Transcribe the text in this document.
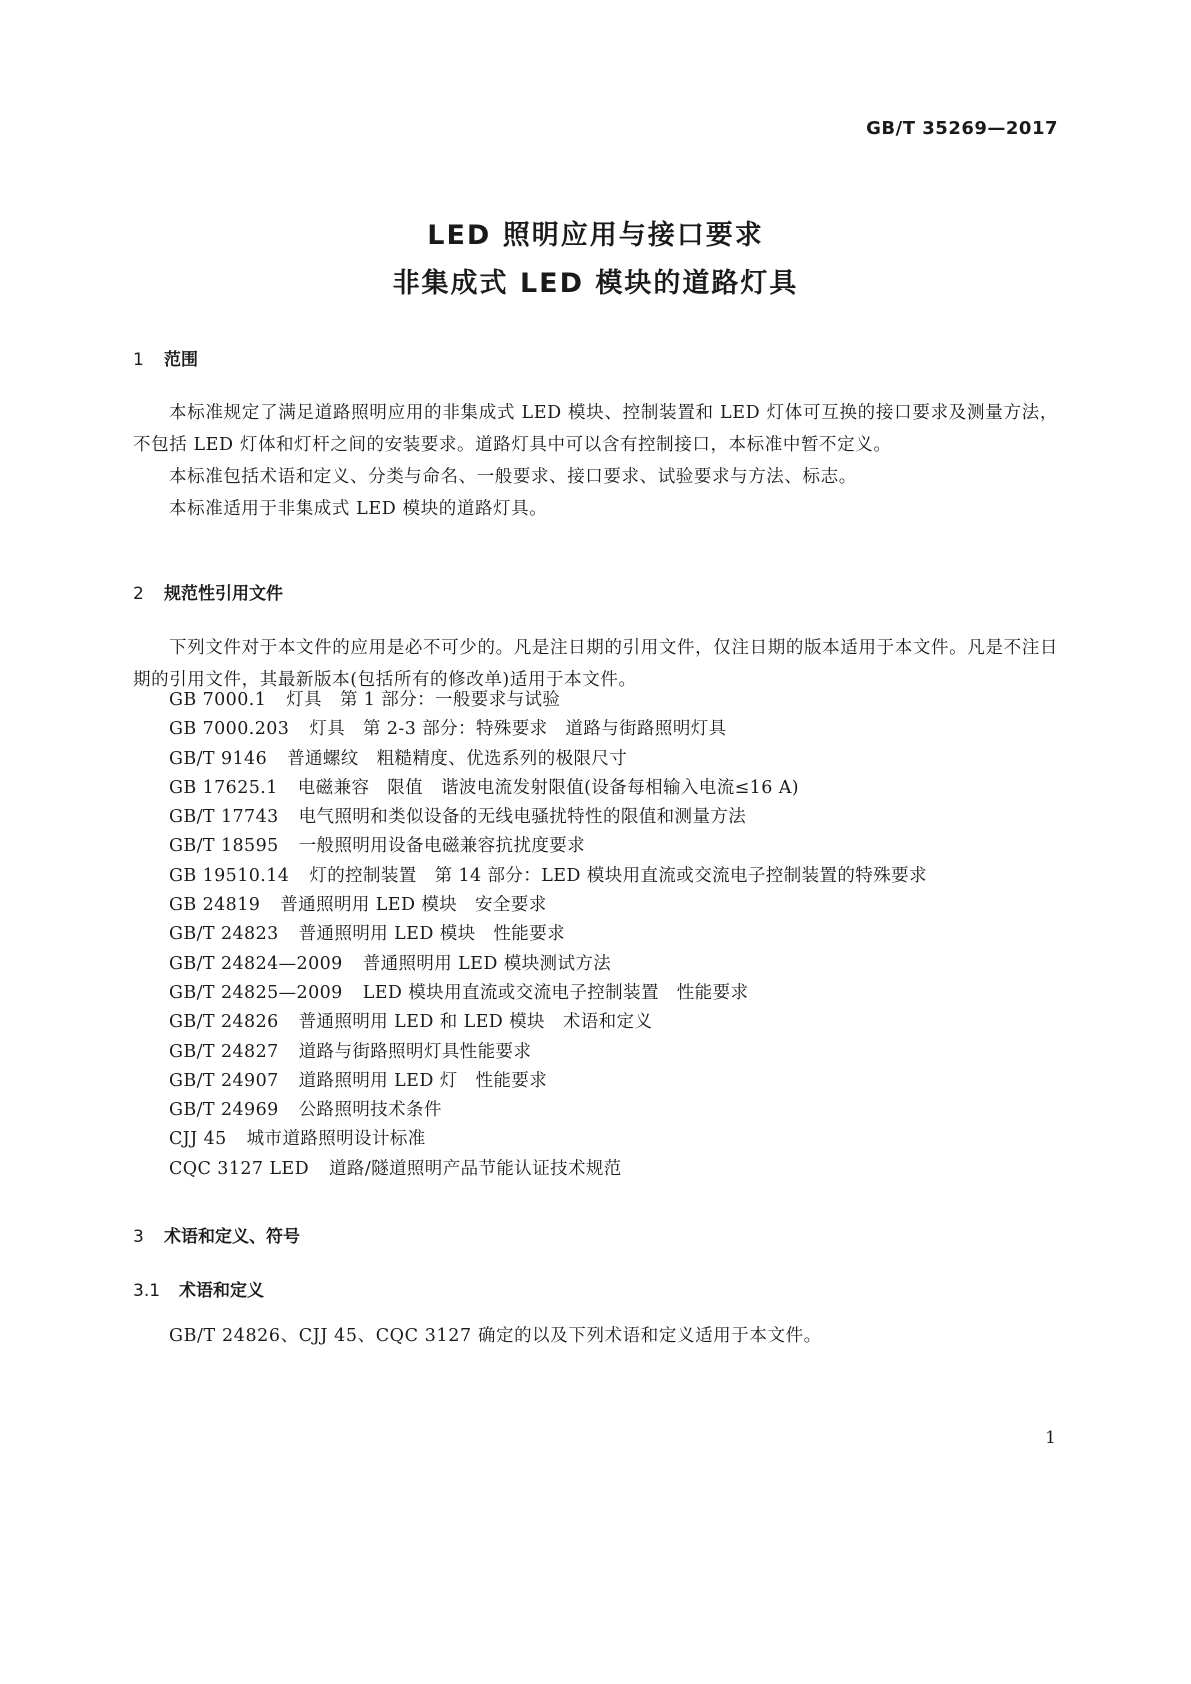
GB/T 35269—2017
LED 照明应用与接口要求
非集成式 LED 模块的道路灯具
1 范围

本标准规定了满足道路照明应用的非集成式 LED 模块、控制装置和 LED 灯体可互换的接口要求及测量方法，不包括 LED 灯体和灯杆之间的安装要求。道路灯具中可以含有控制接口，本标准中暂不定义。

本标准包括术语和定义、分类与命名、一般要求、接口要求、试验要求与方法、标志。

本标准适用于非集成式 LED 模块的道路灯具。

2 规范性引用文件

下列文件对于本文件的应用是必不可少的。凡是注日期的引用文件，仅注日期的版本适用于本文件。凡是不注日期的引用文件，其最新版本(包括所有的修改单)适用于本文件。

GB 7000.1 灯具　第 1 部分：一般要求与试验
GB 7000.203 灯具　第 2-3 部分：特殊要求　道路与街路照明灯具
GB/T 9146 普通螺纹　粗糙精度、优选系列的极限尺寸
GB 17625.1 电磁兼容　限值　谐波电流发射限值(设备每相输入电流≤16 A)
GB/T 17743 电气照明和类似设备的无线电骚扰特性的限值和测量方法
GB/T 18595 一般照明用设备电磁兼容抗扰度要求
GB 19510.14 灯的控制装置　第 14 部分：LED 模块用直流或交流电子控制装置的特殊要求
GB 24819 普通照明用 LED 模块　安全要求
GB/T 24823 普通照明用 LED 模块　性能要求
GB/T 24824—2009 普通照明用 LED 模块测试方法
GB/T 24825—2009 LED 模块用直流或交流电子控制装置　性能要求
GB/T 24826 普通照明用 LED 和 LED 模块　术语和定义
GB/T 24827 道路与街路照明灯具性能要求
GB/T 24907 道路照明用 LED 灯　性能要求
GB/T 24969 公路照明技术条件
CJJ 45 城市道路照明设计标准
CQC 3127 LED 道路/隧道照明产品节能认证技术规范
3 术语和定义、符号
3.1 术语和定义

GB/T 24826、CJJ 45、CQC 3127 确定的以及下列术语和定义适用于本文件。

1
